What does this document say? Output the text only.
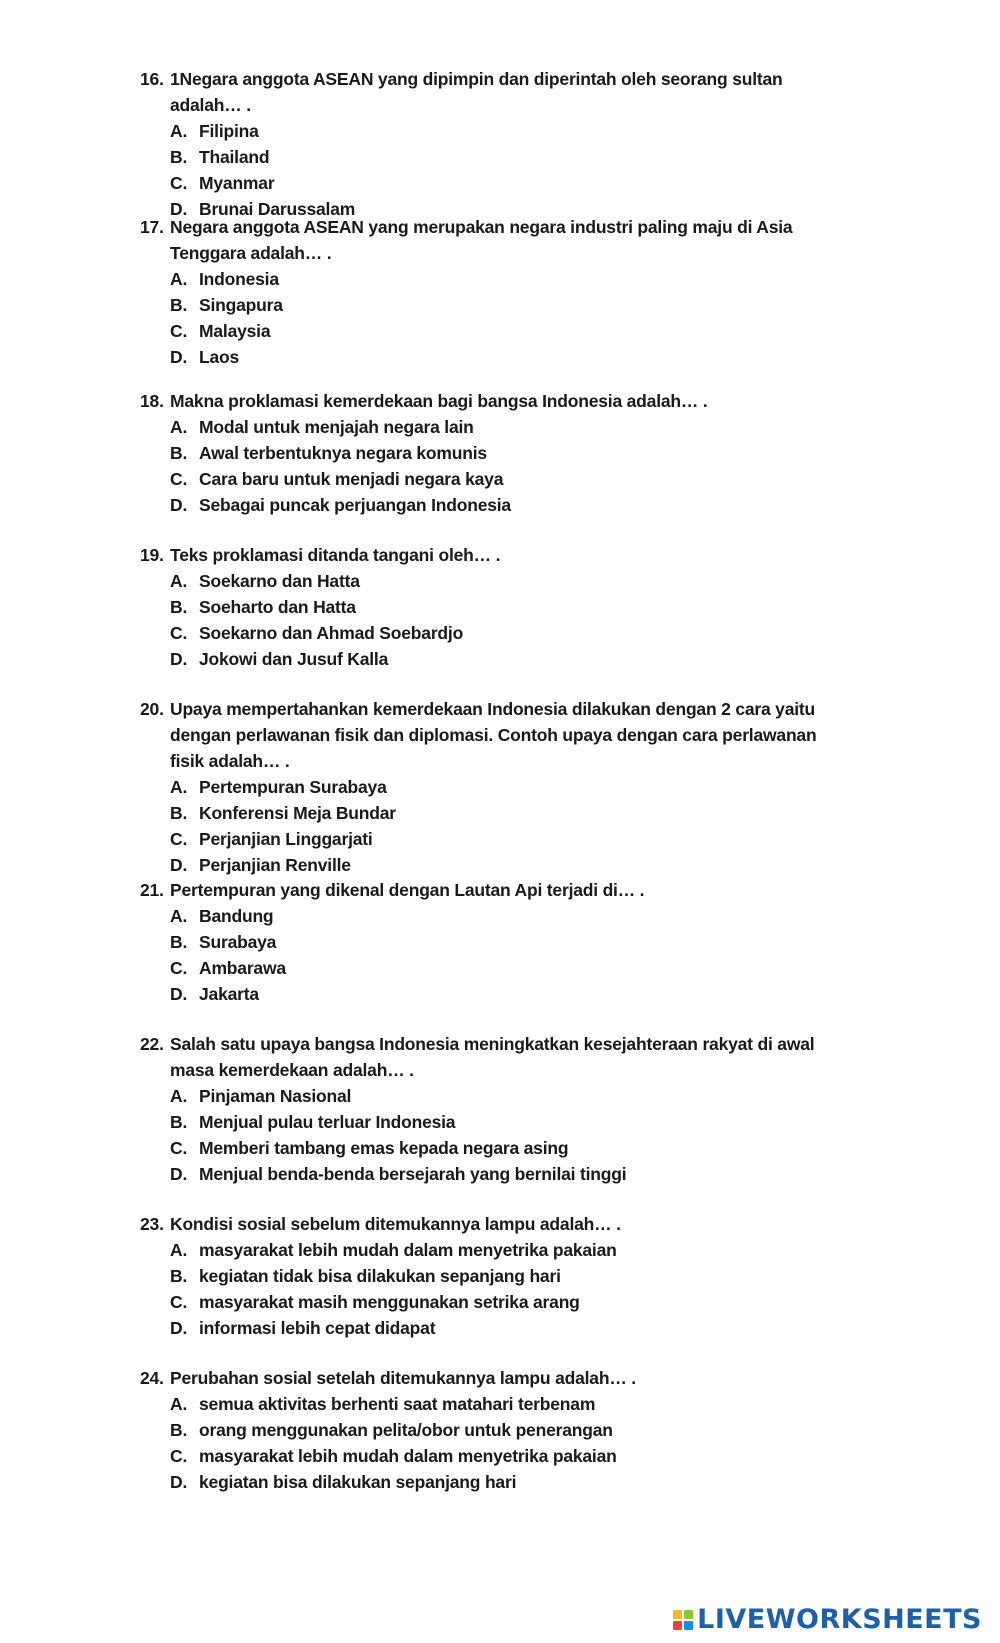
16. 1Negara anggota ASEAN yang dipimpin dan diperintah oleh seorang sultan adalah… .
A. Filipina
B. Thailand
C. Myanmar
D. Brunai Darussalam
17. Negara anggota ASEAN yang merupakan negara industri paling maju di Asia Tenggara adalah… .
A. Indonesia
B. Singapura
C. Malaysia
D. Laos
18. Makna proklamasi kemerdekaan bagi bangsa Indonesia adalah… .
A. Modal untuk menjajah negara lain
B. Awal terbentuknya negara komunis
C. Cara baru untuk menjadi negara kaya
D. Sebagai puncak perjuangan Indonesia
19. Teks proklamasi ditanda tangani oleh… .
A. Soekarno dan Hatta
B. Soeharto dan Hatta
C. Soekarno dan Ahmad Soebardjo
D. Jokowi dan Jusuf Kalla
20. Upaya mempertahankan kemerdekaan Indonesia dilakukan dengan 2 cara yaitu dengan perlawanan fisik dan diplomasi. Contoh upaya dengan cara perlawanan fisik adalah… .
A. Pertempuran Surabaya
B. Konferensi Meja Bundar
C. Perjanjian Linggarjati
D. Perjanjian Renville
21. Pertempuran yang dikenal dengan Lautan Api terjadi di… .
A. Bandung
B. Surabaya
C. Ambarawa
D. Jakarta
22. Salah satu upaya bangsa Indonesia meningkatkan kesejahteraan rakyat di awal masa kemerdekaan adalah… .
A. Pinjaman Nasional
B. Menjual pulau terluar Indonesia
C. Memberi tambang emas kepada negara asing
D. Menjual benda-benda bersejarah yang bernilai tinggi
23. Kondisi sosial sebelum ditemukannya lampu adalah… .
A. masyarakat lebih mudah dalam menyetrika pakaian
B. kegiatan tidak bisa dilakukan sepanjang hari
C. masyarakat masih menggunakan setrika arang
D. informasi lebih cepat didapat
24. Perubahan sosial setelah ditemukannya lampu adalah… .
A. semua aktivitas berhenti saat matahari terbenam
B. orang menggunakan pelita/obor untuk penerangan
C. masyarakat lebih mudah dalam menyetrika pakaian
D. kegiatan bisa dilakukan sepanjang hari
LIVEWORKSHEETS
